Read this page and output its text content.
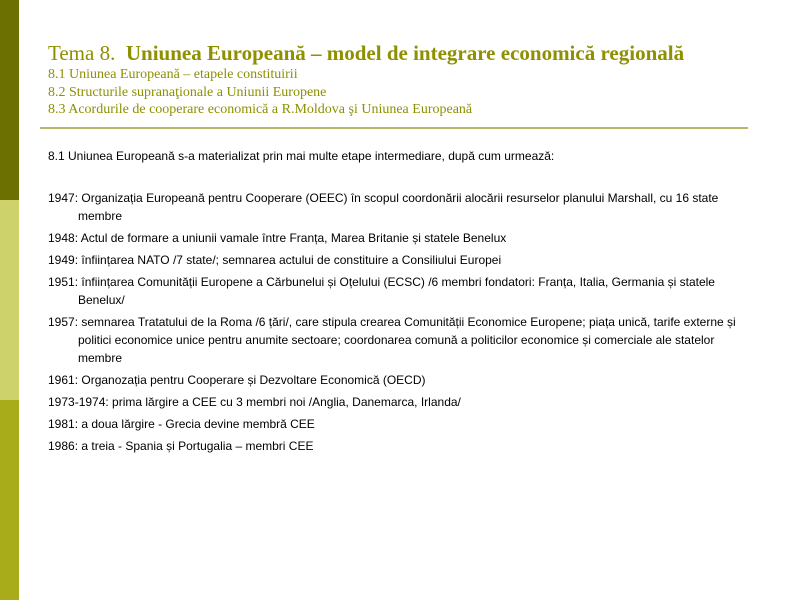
Tema 8. Uniunea Europeană – model de integrare economică regională
8.1 Uniunea Europeană – etapele constituirii
8.2 Structurile supranaţionale a Uniunii Europene
8.3 Acordurile de cooperare economică a R.Moldova şi Uniunea Europeană

8.1 Uniunea Europeană s-a materializat prin mai multe etape intermediare, după cum urmează:

1947: Organizația Europeană pentru Cooperare (OEEC) în scopul coordonării alocării resurselor planului Marshall, cu 16 state membre
1948: Actul de formare a uniunii vamale între Franța, Marea Britanie și statele Benelux
1949: înființarea NATO /7 state/; semnarea actului de constituire a Consiliului Europei
1951: înființarea Comunității Europene a Cărbunelui și Oțelului (ECSC) /6 membri fondatori: Franța, Italia, Germania și statele Benelux/
1957: semnarea Tratatului de la Roma /6 țări/, care stipula crearea Comunității Economice Europene; piața unică, tarife externe și politici economice unice pentru anumite sectoare; coordonarea comună a politicilor economice și comerciale ale statelor membre
1961: Organozația pentru Cooperare și Dezvoltare Economică (OECD)
1973-1974: prima lărgire a CEE cu 3 membri noi /Anglia, Danemarca, Irlanda/
1981: a doua lărgire - Grecia devine membră CEE
1986: a treia - Spania și Portugalia – membri CEE
